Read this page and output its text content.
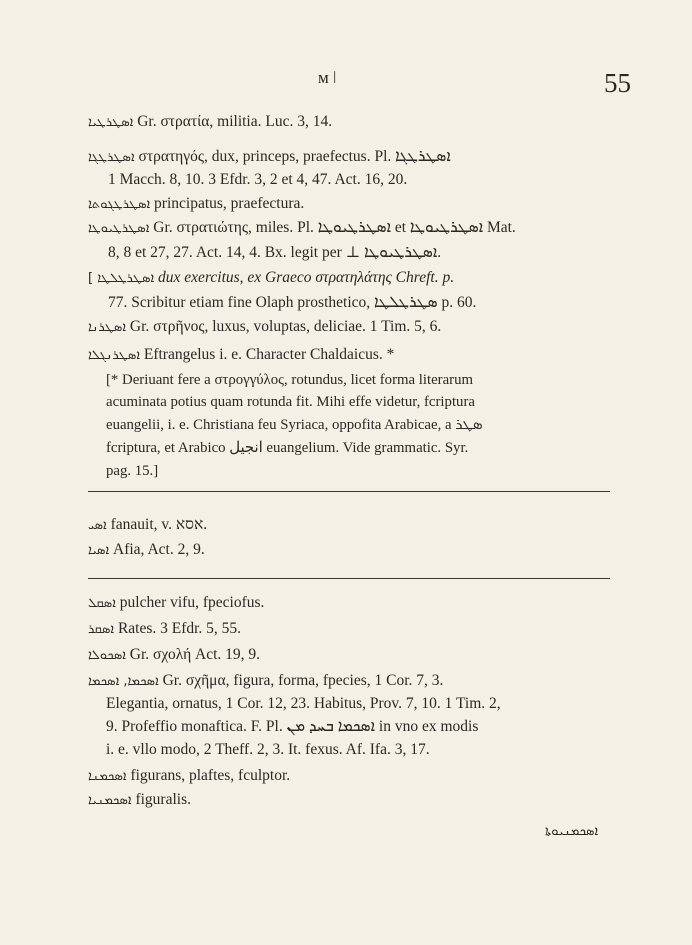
ᴍ ǀ	55
ܐܣܛܪܛܝܐ Gr. στρατία, militia. Luc. 3, 14.
ܐܣܛܪܛܓܐ στρατηγός, dux, princeps, praefectus. Pl. ܐܣܛܪܛܓܐ
1 Macch. 8, 10. 3 Efdr. 3, 2 et 4, 47. Act. 16, 20.
ܐܣܛܪܛܓܘܬܐ principatus, praefectura.
ܐܣܛܪܛܝܘܛܐ Gr. στρατιώτης, miles. Pl. ܐܣܛܪܛܝܘܛܐ et ܐܣܛܪܛܝܘܛܐ Mat.
8, 8 et 27, 27. Act. 14, 4. Bx. legit per ⊥ ܐܣܛܪܛܝܘܛܐ.
[ ܐܣܛܪܛܠܛܐ dux exercitus, ex Graeco στρατηλάτης Chreft. p.
77. Scribitur etiam fine Olaph prosthetico, ܣܛܪܛܠܛܐ p. 60.
ܐܣܛܪܢܐ Gr. στρῆνος, luxus, voluptas, deliciae. 1 Tim. 5, 6.
ܐܣܛܪܢܓܠܐ Eftrangelus i. e. Character Chaldaicus. *
[* Deriuant fere a στρογγύλος, rotundus, licet forma literarum
acuminata potius quam rotunda fit. Mihi effe videtur, fcriptura
euangelii, i. e. Christiana feu Syriaca, oppofita Arabicae, a ܣܛܪ
fcriptura, et Arabico انجيل euangelium. Vide grammatic. Syr.
pag. 15.]
ܐܣܝ fanauit, v. אסא.
ܐܣܝܐ Afia, Act. 2, 9.
ܐܣܩܠ pulcher vifu, fpeciofus.
ܐܣܩܪ Rates. 3 Efdr. 5, 55.
ܐܣܟܘܠܐ Gr. σχολή Act. 19, 9.
ܐܣܟܡܐ, ܐܣܟܡܐ Gr. σχῆμα, figura, forma, fpecies, 1 Cor. 7, 3.
Elegantia, ornatus, 1 Cor. 12, 23. Habitus, Prov. 7, 10. 1 Tim. 2,
9. Profeffio monaftica. F. Pl. ܐܣܟܡܐ ܒܚܕ ܡܢ in vno ex modis
i. e. vllo modo, 2 Theff. 2, 3. It. fexus. Af. Ifa. 3, 17.
ܐܣܟܡܢܐ figurans, plaftes, fculptor.
ܐܣܟܡܢܝܐ figuralis.
ܐܣܟܡܢܝܘܬܐ
